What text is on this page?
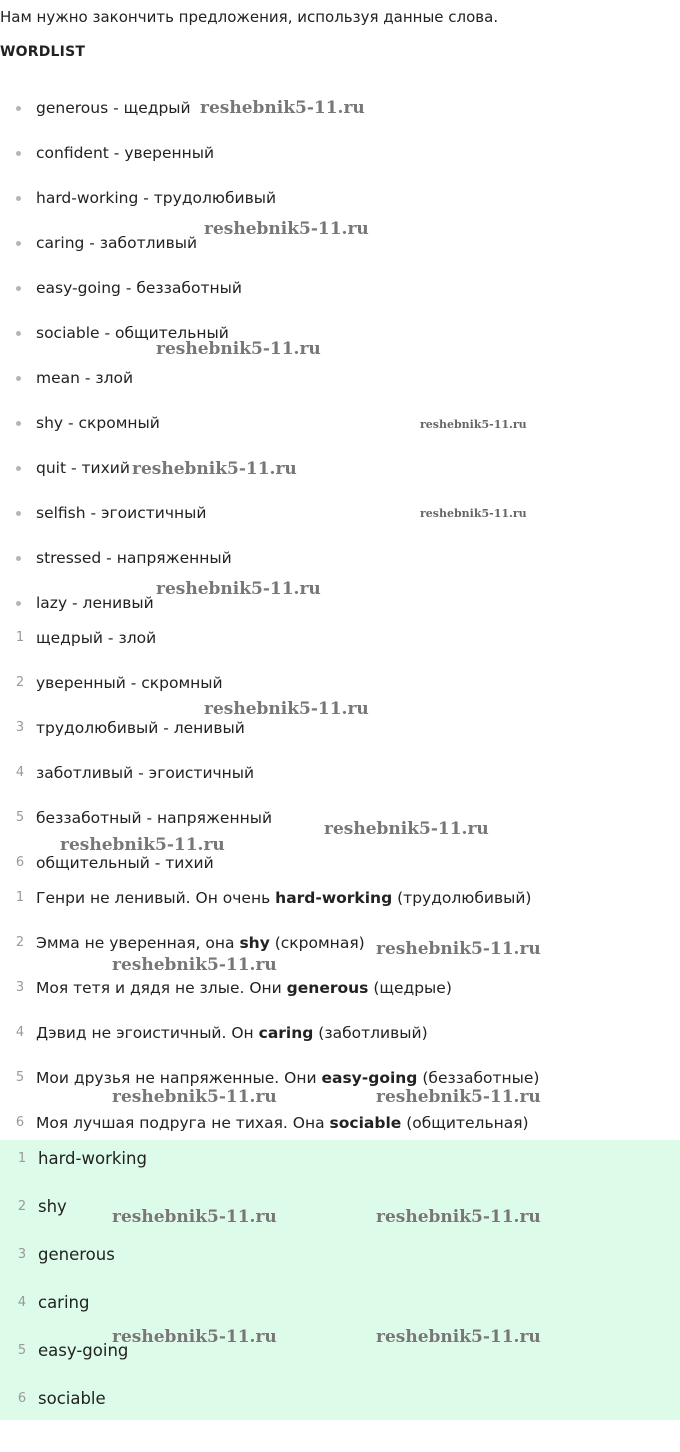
Нам нужно закончить предложения, используя данные слова.
WORDLIST
generous - щедрый
confident - уверенный
hard-working - трудолюбивый
caring - заботливый
easy-going - беззаботный
sociable - общительный
mean - злой
shy - скромный
quit - тихий
selfish - эгоистичный
stressed - напряженный
lazy - ленивый
1 щедрый - злой
2 уверенный - скромный
3 трудолюбивый - ленивый
4 заботливый - эгоистичный
5 беззаботный - напряженный
6 общительный - тихий
1 Генри не ленивый. Он очень hard-working (трудолюбивый)
2 Эмма не уверенная, она shy (скромная)
3 Моя тетя и дядя не злые. Они generous (щедрые)
4 Дэвид не эгоистичный. Он caring (заботливый)
5 Мои друзья не напряженные. Они easy-going (беззаботные)
6 Моя лучшая подруга не тихая. Она sociable (общительная)
1 hard-working
2 shy
3 generous
4 caring
5 easy-going
6 sociable
reshebnik5-11.ru
reshebnik5-11.ru
reshebnik5-11.ru
reshebnik5-11.ru
reshebnik5-11.ru
reshebnik5-11.ru
reshebnik5-11.ru
reshebnik5-11.ru
reshebnik5-11.ru
reshebnik5-11.ru
reshebnik5-11.ru
reshebnik5-11.ru
reshebnik5-11.ru	reshebnik5-11.ru
reshebnik5-11.ru	reshebnik5-11.ru
reshebnik5-11.ru	reshebnik5-11.ru
